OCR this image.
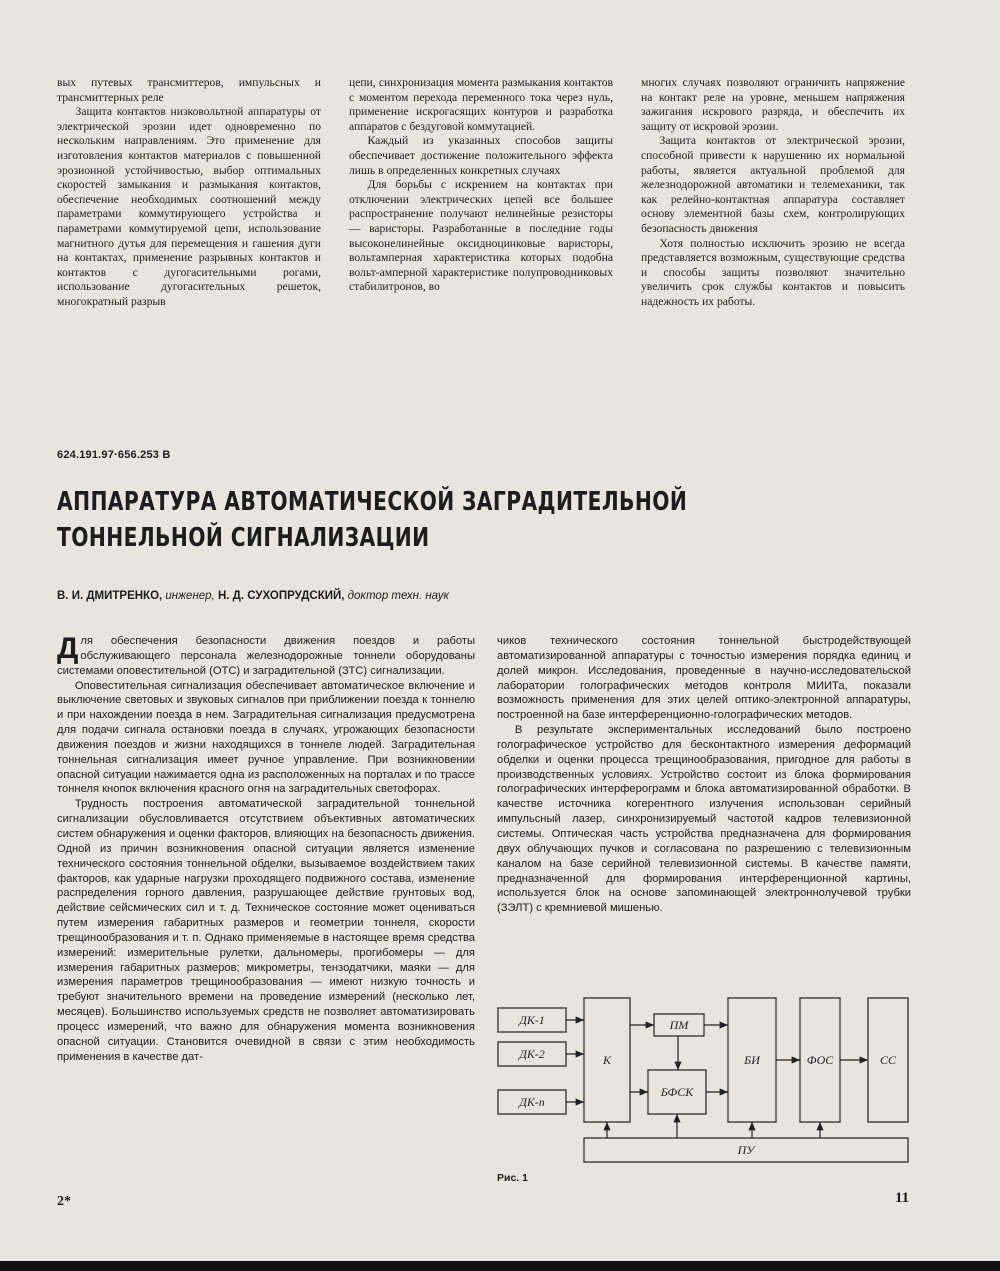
вых путевых трансмиттеров, импульсных и трансмиттерных реле

Защита контактов низковольтной аппаратуры от электрической эрозии идет одновременно по нескольким направлениям. Это применение для изготовления контактов материалов с повышенной эрозионной устойчивостью, выбор оптимальных скоростей замыкания и размыкания контактов, обеспечение необходимых соотношений между параметрами коммутирующего устройства и параметрами коммутируемой цепи, использование магнитного дутья для перемещения и гашения дуги на контактах, применение разрывных контактов и контактов с дугогасительными рогами, использование дугогасительных решеток, многократный разрыв

цепи, синхронизация момента размыкания контактов с моментом перехода переменного тока через нуль, применение искрогасящих контуров и разработка аппаратов с бездуговой коммутацией.

Каждый из указанных способов защиты обеспечивает достижение положительного эффекта лишь в определенных конкретных случаях

Для борьбы с искрением на контактах при отключении электрических цепей все большее распространение получают нелинейные резисторы — варисторы. Разработанные в последние годы высоконелинейные оксидноцинковые варисторы, вольтамперная характеристика которых подобна вольт-амперной характеристике полупроводниковых стабилитронов, во

многих случаях позволяют ограничить напряжение на контакт реле на уровне, меньшем напряжения зажигания искрового разряда, и обеспечить их защиту от искровой эрозии.

Защита контактов от электрической эрозии, способной привести к нарушению их нормальной работы, является актуальной проблемой для железнодорожной автоматики и телемеханики, так как релейно-контактная аппаратура составляет основу элементной базы схем, контролирующих безопасность движения

Хотя полностью исключить эрозию не всегда представляется возможным, существующие средства и способы защиты позволяют значительно увеличить срок службы контактов и повысить надежность их работы.

624.191.97·656.253 В
АППАРАТУРА АВТОМАТИЧЕСКОЙ ЗАГРАДИТЕЛЬНОЙ
ТОННЕЛЬНОЙ СИГНАЛИЗАЦИИ
В. И. ДМИТРЕНКО, инженер, Н. Д. СУХОПРУДСКИЙ, доктор техн. наук

Для обеспечения безопасности движения поездов и работы обслуживающего персонала железнодорожные тоннели оборудованы системами оповестительной (ОТС) и заградительной (ЗТС) сигнализации.

Оповестительная сигнализация обеспечивает автоматическое включение и выключение световых и звуковых сигналов при приближении поезда к тоннелю и при нахождении поезда в нем. Заградительная сигнализация предусмотрена для подачи сигнала остановки поезда в случаях, угрожающих безопасности движения поездов и жизни находящихся в тоннеле людей. Заградительная тоннельная сигнализация имеет ручное управление. При возникновении опасной ситуации нажимается одна из расположенных на порталах и по трассе тоннеля кнопок включения красного огня на заградительных светофорах.

Трудность построения автоматической заградительной тоннельной сигнализации обусловливается отсутствием объективных автоматических систем обнаружения и оценки факторов, влияющих на безопасность движения. Одной из причин возникновения опасной ситуации является изменение технического состояния тоннельной обделки, вызываемое воздействием таких факторов, как ударные нагрузки проходящего подвижного состава, изменение распределения горного давления, разрушающее действие грунтовых вод, действие сейсмических сил и т. д. Техническое состояние может оцениваться путем измерения габаритных размеров и геометрии тоннеля, скорости трещинообразования и т. п. Однако применяемые в настоящее время средства измерений: измерительные рулетки, дальномеры, прогибомеры — для измерения габаритных размеров; микрометры, тензодатчики, маяки — для измерения параметров трещинообразования — имеют низкую точность и требуют значительного времени на проведение измерений (несколько лет, месяцев). Большинство используемых средств не позволяет автоматизировать процесс измерений, что важно для обнаружения момента возникновения опасной ситуации. Становится очевидной в связи с этим необходимость применения в качестве дат-

чиков технического состояния тоннельной быстродействующей автоматизированной аппаратуры с точностью измерения порядка единиц и долей микрон. Исследования, проведенные в научно-исследовательской лаборатории голографических методов контроля МИИТа, показали возможность применения для этих целей оптико-электронной аппаратуры, построенной на базе интерференционно-голографических методов.

В результате экспериментальных исследований было построено голографическое устройство для бесконтактного измерения деформаций обделки и оценки процесса трещинообразования, пригодное для работы в производственных условиях. Устройство состоит из блока формирования голографических интерферограмм и блока автоматизированной обработки. В качестве источника когерентного излучения использован серийный импульсный лазер, синхронизируемый частотой кадров телевизионной системы. Оптическая часть устройства предназначена для формирования двух облучающих пучков и согласована по разрешению с телевизионным каналом на базе серийной телевизионной системы. В качестве памяти, предназначенной для формирования интерференционной картины, используется блок на основе запоминающей электроннолучевой трубки (ЗЭЛТ) с кремниевой мишенью.

ДК-1
ДК-2
ДК-n
К
ПМ
БФСК
БИ	ФОС	СС
ПУ
Рис. 1
2*	11
